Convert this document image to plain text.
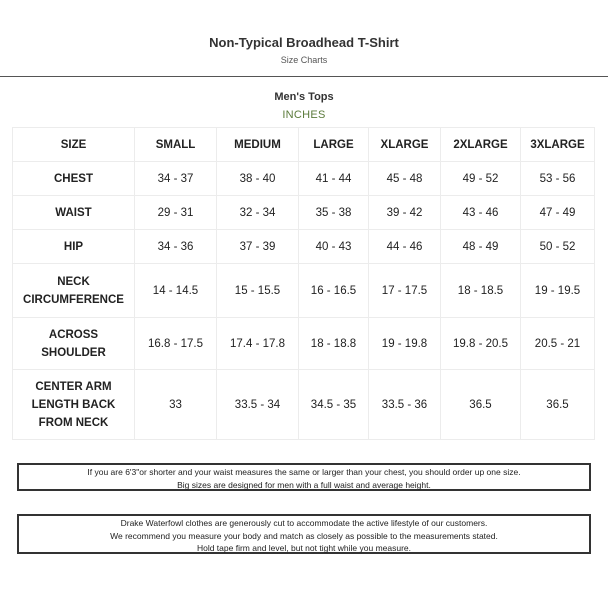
Non-Typical Broadhead T-Shirt
Size Charts
Men's Tops
INCHES
SIZE	SMALL	MEDIUM	LARGE	XLARGE	2XLARGE	3XLARGE
CHEST	34 - 37	38 - 40	41 - 44	45 - 48	49 - 52	53 - 56
WAIST	29 - 31	32 - 34	35 - 38	39 - 42	43 - 46	47 - 49
HIP	34 - 36	37 - 39	40 - 43	44 - 46	48 - 49	50 - 52

NECK
CIRCUMFERENCE	14 - 14.5	15 - 15.5	16 - 16.5	17 - 17.5	18 - 18.5	19 - 19.5

ACROSS
SHOULDER	16.8 - 17.5	17.4 - 17.8	18 - 18.8	19 - 19.8	19.8 - 20.5	20.5 - 21

CENTER ARM
LENGTH BACK
FROM NECK	33	33.5 - 34	34.5 - 35	33.5 - 36	36.5	36.5
If you are 6'3"or shorter and your waist measures the same or larger than your chest, you should order up one size.
Big sizes are designed for men with a full waist and average height.
Drake Waterfowl clothes are generously cut to accommodate the active lifestyle of our customers.
We recommend you measure your body and match as closely as possible to the measurements stated.
Hold tape firm and level, but not tight while you measure.
